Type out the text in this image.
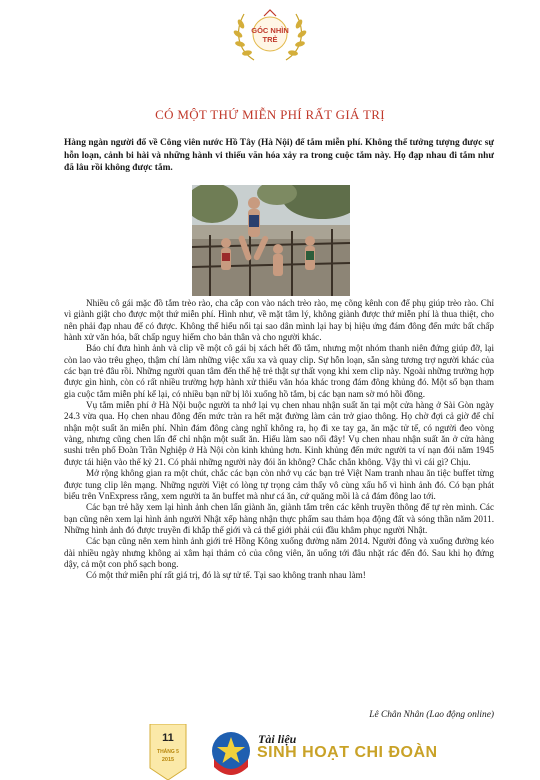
GÓC NHÌN
TRẺ
CÓ MỘT THỨ MIỄN PHÍ RẤT GIÁ TRỊ
Hàng ngàn người đổ về Công viên nước Hồ Tây (Hà Nội) để tắm miễn phí. Không thể tưởng tượng được sự hỗn loạn, cảnh bi hài và những hành vi thiếu văn hóa xảy ra trong cuộc tắm này. Họ đạp nhau đi tắm như đã lâu rồi không được tắm.

Nhiều cô gái mặc đồ tắm trèo rào, cha cắp con vào nách trèo rào, mẹ cõng kênh con để phụ giúp trèo rào. Chỉ vì giành giật cho được một thứ miễn phí. Hình như, về mặt tâm lý, không giành được thứ miễn phí là thua thiệt, cho nên phải đạp nhau để có được. Không thể hiểu nổi tại sao dân mình lại hay bị hiệu ứng đám đông đến mức bất chấp hành xử văn hóa, bất chấp nguy hiểm cho bản thân và cho người khác.

Báo chí đưa hình ảnh và clip về một cô gái bị xách hết đồ tắm, nhưng một nhóm thanh niên đứng giúp đỡ, lại còn lao vào trêu ghẹo, thậm chí làm những việc xấu xa và quay clip. Sự hỗn loạn, sẵn sàng tương trợ người khác của các bạn trẻ đâu rồi. Những người quan tâm đến thế hệ trẻ thật sự thất vọng khi xem clip này. Ngoài những trường hợp được gìn hình, còn có rất nhiều trường hợp hành xử thiếu văn hóa khác trong đám đông khủng đó. Một số bạn tham gia cuộc tắm miễn phí kể lại, có nhiều bạn nữ bị lôi xuống hồ tắm, bị các bạn nam sờ mó hồi đồng.

Vụ tắm miễn phí ở Hà Nội buộc người ta nhớ lại vụ chen nhau nhận suất ăn tại một cửa hàng ở Sài Gòn ngày 24.3 vừa qua. Họ chen nhau đông đến mức tràn ra hết mặt đường làm cản trở giao thông. Họ chờ đợi cả giờ để chỉ nhận một suất ăn miễn phí. Nhìn đám đông càng nghĩ không ra, họ đi xe tay ga, ăn mặc tử tế, có người đeo vòng vàng, nhưng cũng chen lấn để chỉ nhận một suất ăn. Hiểu làm sao nổi đây! Vụ chen nhau nhận suất ăn ở cửa hàng sushi trên phố Đoàn Trần Nghiệp ở Hà Nội còn kinh khủng hơn. Kinh khủng đến mức người ta ví nạn đói năm 1945 được tái hiện vào thế kỷ 21. Có phải những người này đói ăn không? Chắc chắn không. Vậy thì vì cái gì? Chịu.

Mở rộng không gian ra một chút, chắc các bạn còn nhớ vụ các bạn trẻ Việt Nam tranh nhau ăn tiệc buffet từng được tung clip lên mạng. Những người Việt có lòng tự trọng cảm thấy vô cùng xấu hổ vì hình ảnh đó. Có bạn phát biểu trên VnExpress rằng, xem người ta ăn buffet mà như cá ăn, cứ quăng mồi là cả đám đông lao tới.

Các bạn trẻ hãy xem lại hình ảnh chen lấn giành ăn, giành tắm trên các kênh truyền thông để tự rèn mình. Các bạn cũng nên xem lại hình ảnh người Nhật xếp hàng nhận thực phẩm sau thảm họa động đất và sóng thần năm 2011. Những hình ảnh đó được truyền đi khắp thế giới và cả thế giới phải cúi đầu khâm phục người Nhật.

Các bạn cũng nên xem hình ảnh giới trẻ Hồng Kông xuống đường năm 2014. Người đông và xuống đường kéo dài nhiều ngày nhưng không ai xâm hại thảm cỏ của công viên, ăn uống tới đâu nhặt rác đến đó. Sau khi họ đứng dậy, cả một con phố sạch bong.

Có một thứ miễn phí rất giá trị, đó là sự tử tế. Tại sao không tranh nhau làm!

Lê Chân Nhân (Lao động online)
11
THÁNG 5
2015
Tài liệu
SINH HOẠT CHI ĐOÀN
